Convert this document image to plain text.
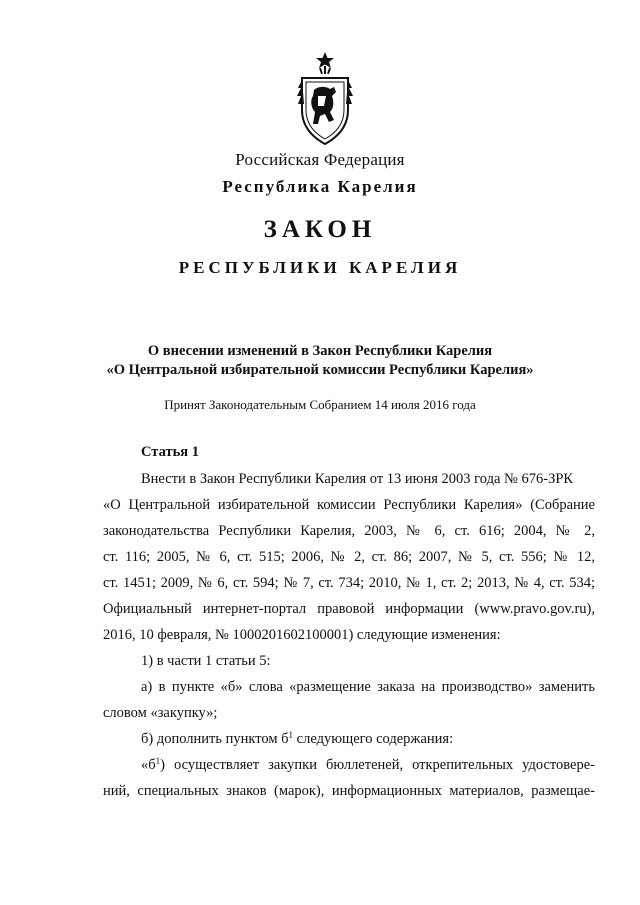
Российская Федерация
Республика Карелия
ЗАКОН
РЕСПУБЛИКИ КАРЕЛИЯ
О внесении изменений в Закон Республики Карелия
«О Центральной избирательной комиссии Республики Карелия»
Принят Законодательным Собранием 14 июля 2016 года
Статья 1
Внести в Закон Республики Карелия от 13 июня 2003 года № 676-ЗРК
«О Центральной избирательной комиссии Республики Карелия» (Собрание
законодательства Республики Карелия, 2003, № 6, ст. 616; 2004, № 2,
ст. 116; 2005, № 6, ст. 515; 2006, № 2, ст. 86; 2007, № 5, ст. 556; № 12,
ст. 1451; 2009, № 6, ст. 594; № 7, ст. 734; 2010, № 1, ст. 2; 2013, № 4, ст. 534;
Официальный интернет-портал правовой информации (www.pravo.gov.ru),
2016, 10 февраля, № 1000201602100001) следующие изменения:
1) в части 1 статьи 5:
а) в пункте «б» слова «размещение заказа на производство» заменить
словом «закупку»;
б) дополнить пунктом $б^1$ следующего содержания:
«$б^1$) осуществляет закупки бюллетеней, открепительных удостовере-
ний, специальных знаков (марок), информационных материалов, размещае-
